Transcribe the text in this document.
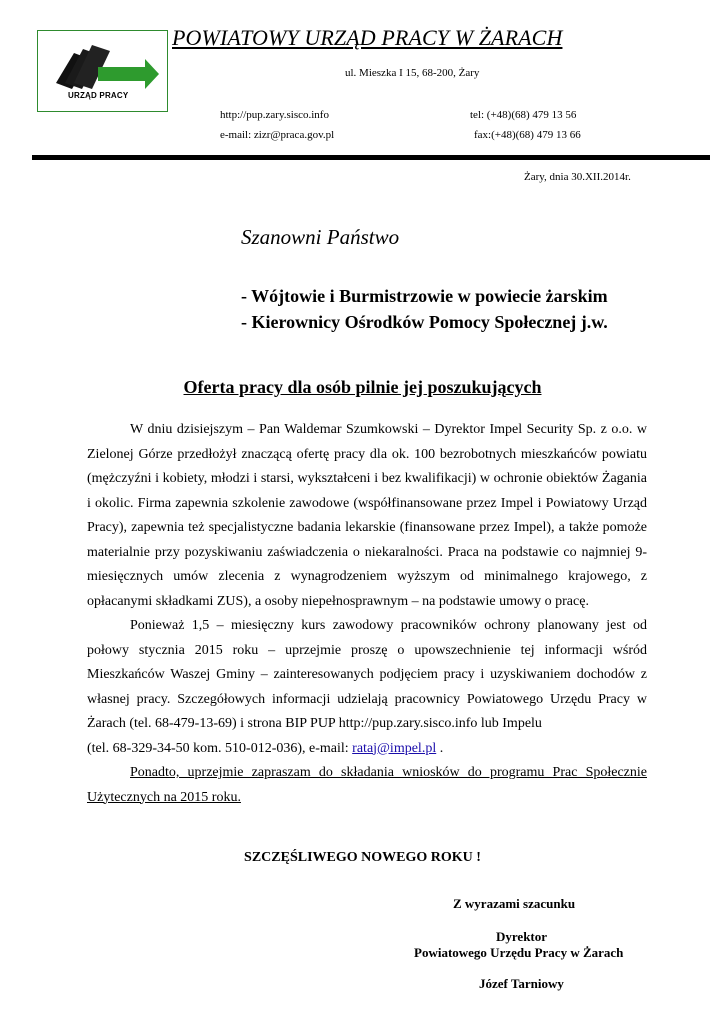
URZĄD PRACY
POWIATOWY URZĄD PRACY W ŻARACH
ul. Mieszka I 15, 68-200, Żary
http://pup.zary.sisco.info
e-mail: zizr@praca.gov.pl
tel: (+48)(68) 479 13 56
fax:(+48)(68) 479 13 66
Żary, dnia 30.XII.2014r.
Szanowni Państwo
- Wójtowie i Burmistrzowie w powiecie żarskim
- Kierownicy Ośrodków Pomocy Społecznej j.w.
Oferta pracy dla osób pilnie jej poszukujących

W dniu dzisiejszym – Pan Waldemar Szumkowski – Dyrektor Impel Security Sp. z o.o. w Zielonej Górze przedłożył znaczącą ofertę pracy dla ok. 100 bezrobotnych mieszkańców powiatu (mężczyźni i kobiety, młodzi i starsi, wykształceni i bez kwalifikacji) w ochronie obiektów Żagania i okolic. Firma zapewnia szkolenie zawodowe (współfinansowane przez Impel i Powiatowy Urząd Pracy), zapewnia też specjalistyczne badania lekarskie (finansowane przez Impel), a także pomoże materialnie przy pozyskiwaniu zaświadczenia o niekaralności. Praca na podstawie co najmniej 9-miesięcznych umów zlecenia z wynagrodzeniem wyższym od minimalnego krajowego, z opłacanymi składkami ZUS), a osoby niepełnosprawnym – na podstawie umowy o pracę.

Ponieważ 1,5 – miesięczny kurs zawodowy pracowników ochrony planowany jest od połowy stycznia 2015 roku – uprzejmie proszę o upowszechnienie tej informacji wśród Mieszkańców Waszej Gminy – zainteresowanych podjęciem pracy i uzyskiwaniem dochodów z własnej pracy. Szczegółowych informacji udzielają pracownicy Powiatowego Urzędu Pracy w Żarach (tel. 68-479-13-69) i strona BIP PUP http://pup.zary.sisco.info lub Impelu

(tel. 68-329-34-50 kom. 510-012-036), e-mail: rataj@impel.pl .

Ponadto, uprzejmie zapraszam do składania wniosków do programu Prac Społecznie Użytecznych na 2015 roku.

SZCZĘŚLIWEGO NOWEGO ROKU !
Z wyrazami szacunku
Dyrektor
Powiatowego Urzędu Pracy w Żarach
Józef Tarniowy
